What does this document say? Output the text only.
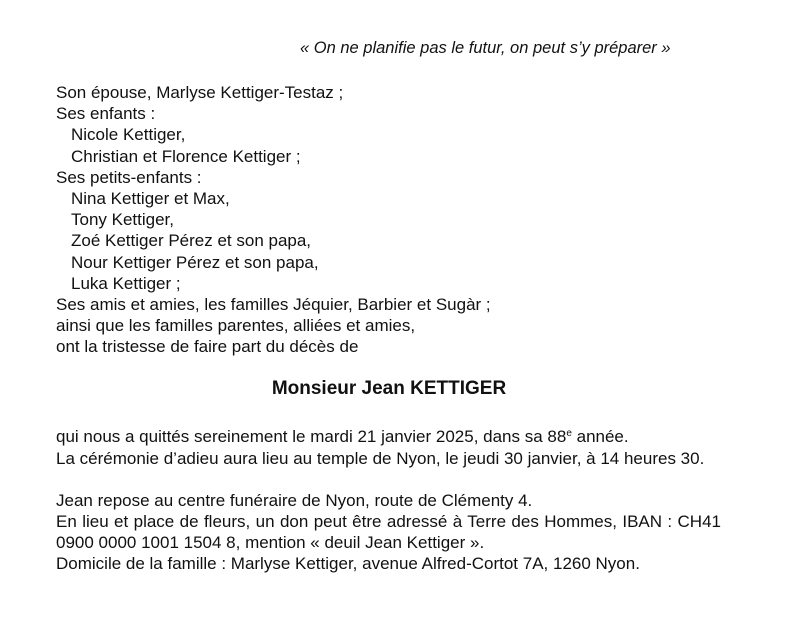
« On ne planifie pas le futur, on peut s’y préparer »
Son épouse, Marlyse Kettiger-Testaz ;
Ses enfants :
Nicole Kettiger,
Christian et Florence Kettiger ;
Ses petits-enfants :
Nina Kettiger et Max,
Tony Kettiger,
Zoé Kettiger Pérez et son papa,
Nour Kettiger Pérez et son papa,
Luka Kettiger ;
Ses amis et amies, les familles Jéquier, Barbier et Sugàr ;
ainsi que les familles parentes, alliées et amies,
ont la tristesse de faire part du décès de
Monsieur Jean KETTIGER
qui nous a quittés sereinement le mardi 21 janvier 2025, dans sa 88e année.
La cérémonie d’adieu aura lieu au temple de Nyon, le jeudi 30 janvier, à 14 heures 30.
Jean repose au centre funéraire de Nyon, route de Clémenty 4.
En lieu et place de fleurs, un don peut être adressé à Terre des Hommes, IBAN : CH41 0900 0000 1001 1504 8, mention « deuil Jean Kettiger ».
Domicile de la famille : Marlyse Kettiger, avenue Alfred-Cortot 7A, 1260 Nyon.
